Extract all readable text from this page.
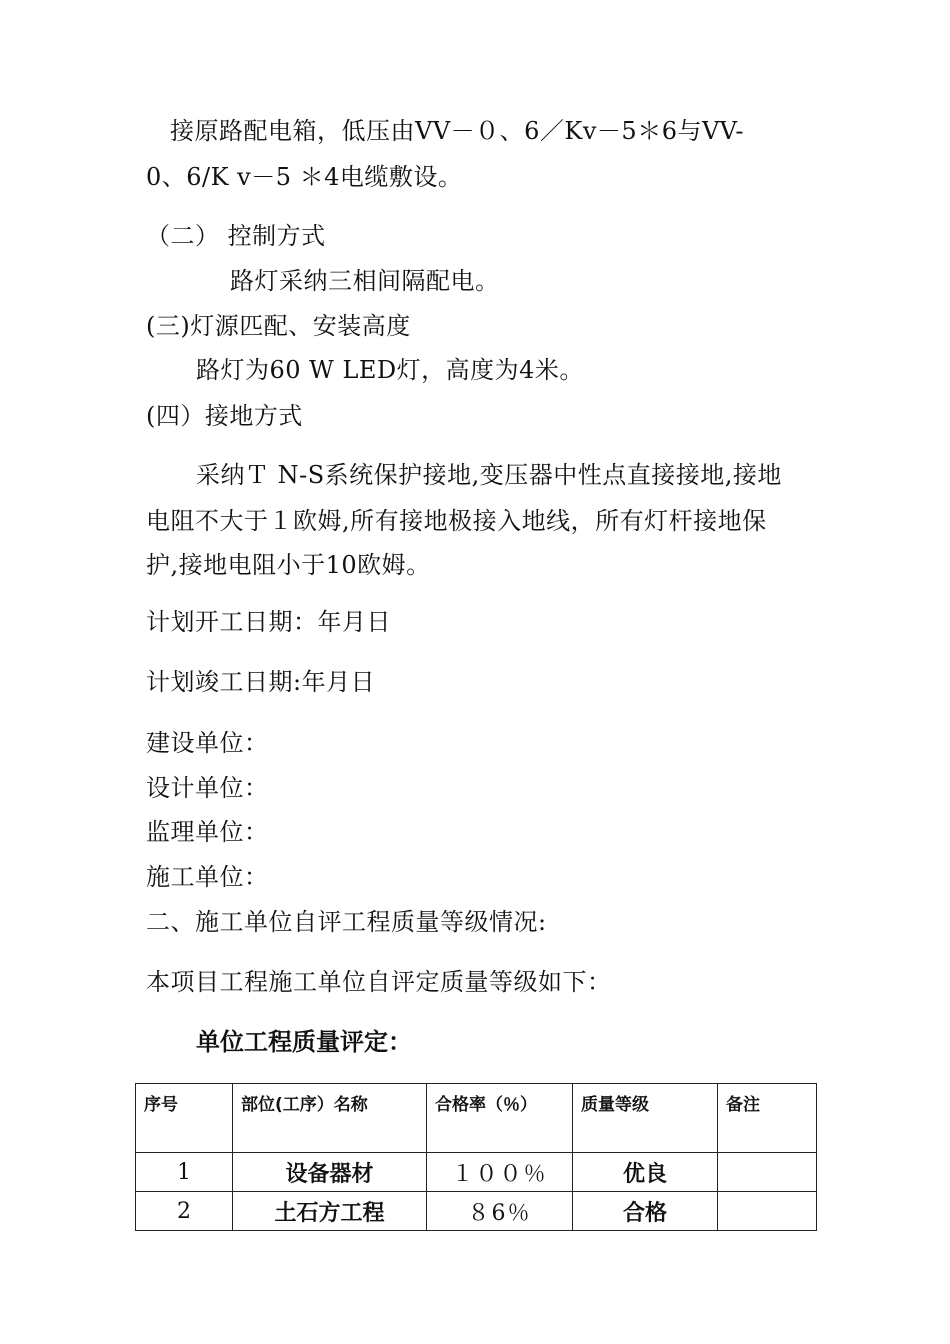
接原路配电箱，低压由VV－０、6／Kv－5＊6与VV-
0、6/K v－5 ＊4电缆敷设。
（二） 控制方式
路灯采纳三相间隔配电。
(三)灯源匹配、安装高度
路灯为60 W LED灯，高度为4米。
(四）接地方式
采纳Ｔ N-S系统保护接地,变压器中性点直接接地,接地
电阻不大于１欧姆,所有接地极接入地线，所有灯杆接地保
护,接地电阻小于10欧姆。
计划开工日期：年月日
计划竣工日期:年月日
建设单位：
设计单位：
监理单位：
施工单位：
二、施工单位自评工程质量等级情况:
本项目工程施工单位自评定质量等级如下：
单位工程质量评定：
序号	部位(工序）名称	合格率（％）	质量等级	备注
1	设备器材	１００％	优良	
2	土石方工程	８6％	合格	
